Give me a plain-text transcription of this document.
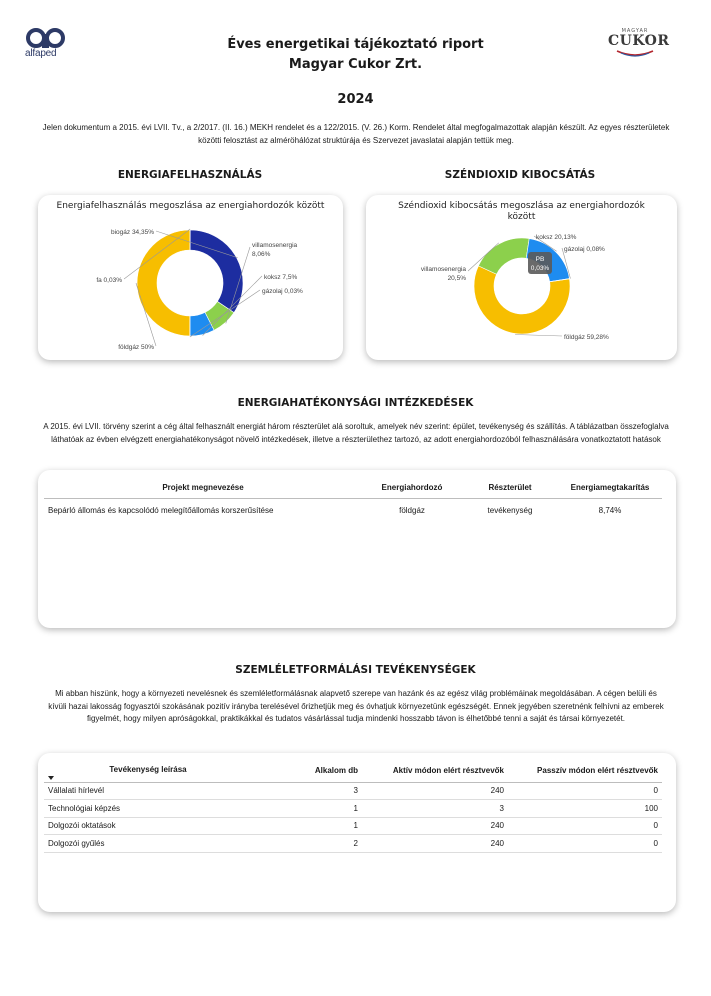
alfaped
MAGYAR
CUKOR
Éves energetikai tájékoztató riport
Magyar Cukor Zrt.
2024
Jelen dokumentum a 2015. évi LVII. Tv., a 2/2017. (II. 16.) MEKH rendelet és a 122/2015. (V. 26.) Korm. Rendelet által megfogalmazottak alapján készült. Az egyes részterületek közötti felosztást az alméröhálózat struktúrája és Szervezet javaslatai alapján tettük meg.
ENERGIAFELHASZNÁLÁS	SZÉNDIOXID KIBOCSÁTÁS
Energiafelhasználás megoszlása az energiahordozók között
földgáz 50%
fa 0,03%
biogáz 34,35%
villamosenergia
8,06%
koksz 7,5%
gázolaj 0,03%
Széndioxid kibocsátás megoszlása az energiahordozók között
földgáz 59,28%
villamosenergia
20,5%
koksz 20,13%
gázolaj 0,08%
PB
0,03%
ENERGIAHATÉKONYSÁGI INTÉZKEDÉSEK
A 2015. évi LVII. törvény szerint a cég által felhasznált energiát három részterület alá soroltuk, amelyek név szerint: épület, tevékenység és szállítás. A táblázatban összefoglalva láthatóak az évben elvégzett energiahatékonyságot növelő intézkedések, illetve a részterülethez tartozó, az adott energiahordozóból felhasználására vonatkoztatott hatások
Projekt megnevezése	Energiahordozó	Részterület	Energiamegtakarítás
Bepárló állomás és kapcsolódó melegítőállomás korszerűsítése	földgáz	tevékenység	8,74%
SZEMLÉLETFORMÁLÁSI TEVÉKENYSÉGEK
Mi abban hiszünk, hogy a környezeti nevelésnek és szemléletformálásnak alapvető szerepe van hazánk és az egész világ problémáinak megoldásában. A cégen belüli és kívüli hazai lakosság fogyasztói szokásának pozitív irányba terelésével őrizhetjük meg és óvhatjuk környezetünk egészségét. Ennek jegyében szeretnénk felhívni az emberek figyelmét, hogy milyen apróságokkal, praktikákkal és tudatos vásárlással tudja mindenki hosszabb távon is élhetőbbé tenni a saját és társai környezetét.
Tevékenység leírása	Alkalom db	Aktív módon elért résztvevők	Passzív módon elért résztvevők
Vállalati hírlevél	3	240	0
Technológiai képzés	1	3	100
Dolgozói oktatások	1	240	0
Dolgozói gyűlés	2	240	0
